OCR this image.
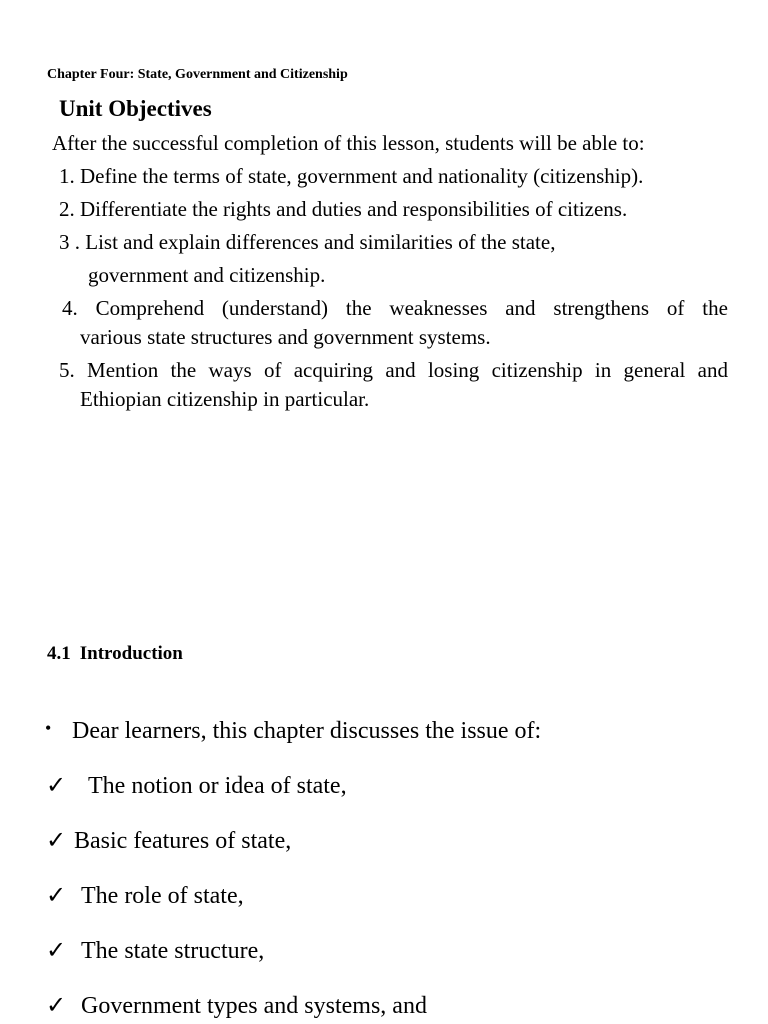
Chapter Four: State, Government and Citizenship
Unit Objectives
After the successful completion of this lesson, students will be able to:
1. Define the terms of state, government and nationality (citizenship).
2. Differentiate the rights and duties and responsibilities of citizens.
3 . List and explain differences and similarities of the state,
government and citizenship.
4. Comprehend (understand) the weaknesses and strengthens of the
various state structures and government systems.
5. Mention the ways of acquiring and losing citizenship in general and
Ethiopian citizenship in particular.
4.1 Introduction
• Dear learners, this chapter discusses the issue of:
✓ The notion or idea of state,
✓ Basic features of state,
✓ The role of state,
✓ The state structure,
✓ Government types and systems, and
